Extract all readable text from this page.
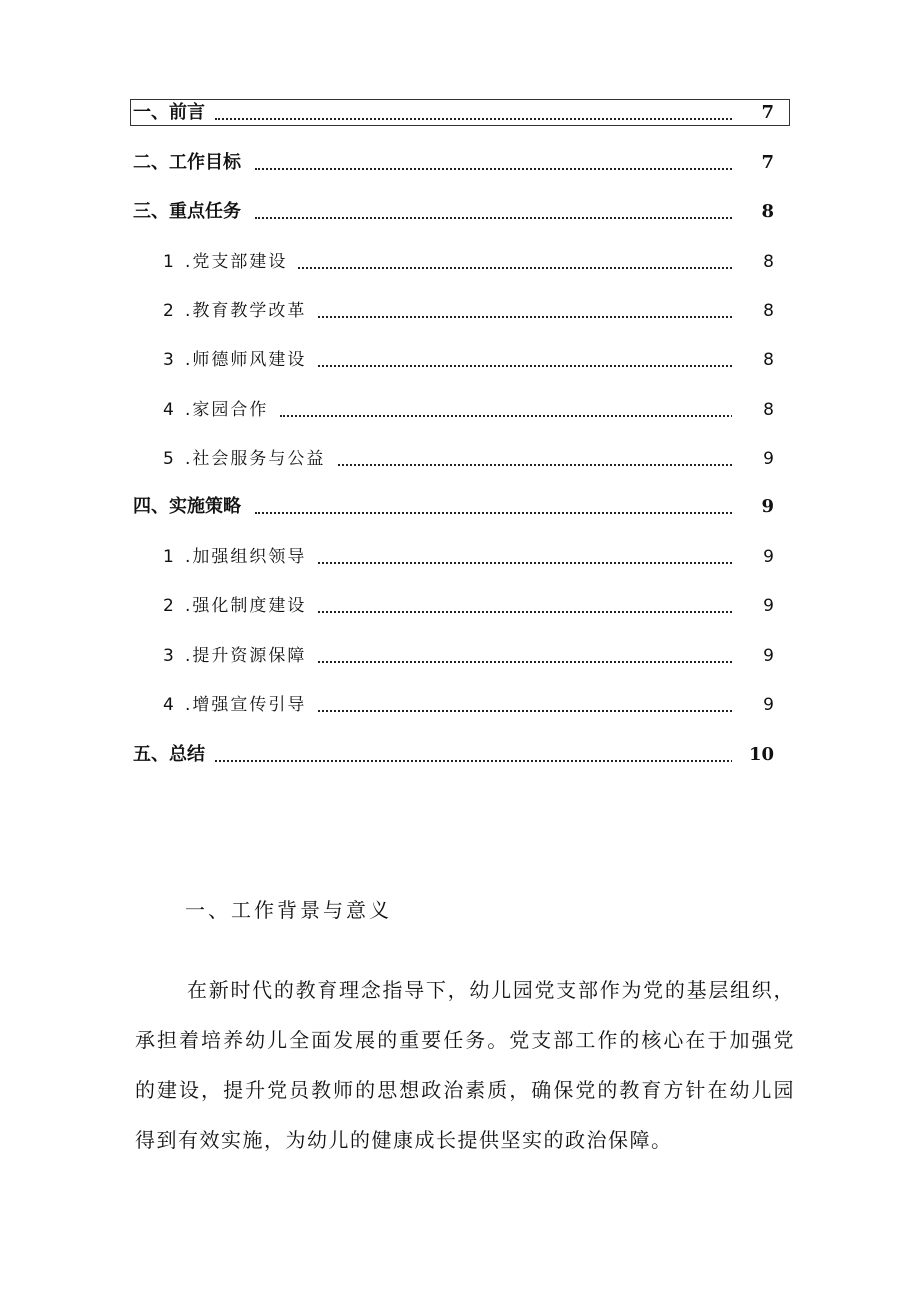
一、前言	7
二、工作目标	7
三、重点任务	8
1 .党支部建设	8
2 .教育教学改革	8
3 .师德师风建设	8
4 .家园合作	8
5 .社会服务与公益	9
四、实施策略	9
1 .加强组织领导	9
2 .强化制度建设	9
3 .提升资源保障	9
4 .增强宣传引导	9
五、总结	10
一、工作背景与意义

在新时代的教育理念指导下，幼儿园党支部作为党的基层组织，承担着培养幼儿全面发展的重要任务。党支部工作的核心在于加强党的建设，提升党员教师的思想政治素质，确保党的教育方针在幼儿园得到有效实施，为幼儿的健康成长提供坚实的政治保障。
